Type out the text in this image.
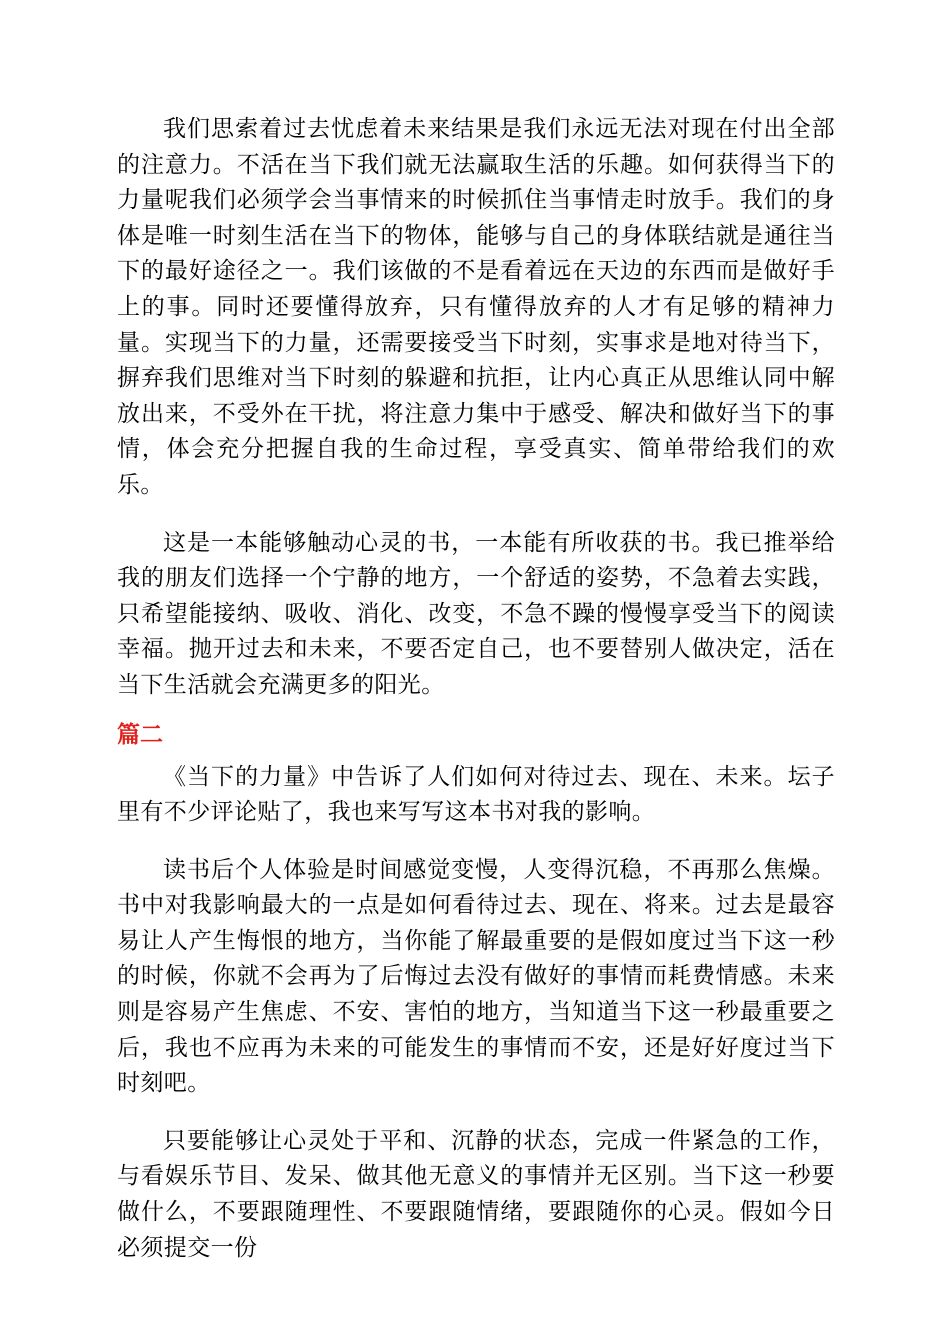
我们思索着过去忧虑着未来结果是我们永远无法对现在付出全部的注意力。不活在当下我们就无法赢取生活的乐趣。如何获得当下的力量呢我们必须学会当事情来的时候抓住当事情走时放手。我们的身体是唯一时刻生活在当下的物体，能够与自己的身体联结就是通往当下的最好途径之一。我们该做的不是看着远在天边的东西而是做好手上的事。同时还要懂得放弃，只有懂得放弃的人才有足够的精神力量。实现当下的力量，还需要接受当下时刻，实事求是地对待当下，摒弃我们思维对当下时刻的躲避和抗拒，让内心真正从思维认同中解放出来，不受外在干扰，将注意力集中于感受、解决和做好当下的事情，体会充分把握自我的生命过程，享受真实、简单带给我们的欢乐。

这是一本能够触动心灵的书，一本能有所收获的书。我已推举给我的朋友们选择一个宁静的地方，一个舒适的姿势，不急着去实践，只希望能接纳、吸收、消化、改变，不急不躁的慢慢享受当下的阅读幸福。抛开过去和未来，不要否定自己，也不要替别人做决定，活在当下生活就会充满更多的阳光。

篇二

《当下的力量》中告诉了人们如何对待过去、现在、未来。坛子里有不少评论贴了，我也来写写这本书对我的影响。

读书后个人体验是时间感觉变慢，人变得沉稳，不再那么焦燥。书中对我影响最大的一点是如何看待过去、现在、将来。过去是最容易让人产生悔恨的地方，当你能了解最重要的是假如度过当下这一秒的时候，你就不会再为了后悔过去没有做好的事情而耗费情感。未来则是容易产生焦虑、不安、害怕的地方，当知道当下这一秒最重要之后，我也不应再为未来的可能发生的事情而不安，还是好好度过当下时刻吧。

只要能够让心灵处于平和、沉静的状态，完成一件紧急的工作，与看娱乐节目、发呆、做其他无意义的事情并无区别。当下这一秒要做什么，不要跟随理性、不要跟随情绪，要跟随你的心灵。假如今日必须提交一份
